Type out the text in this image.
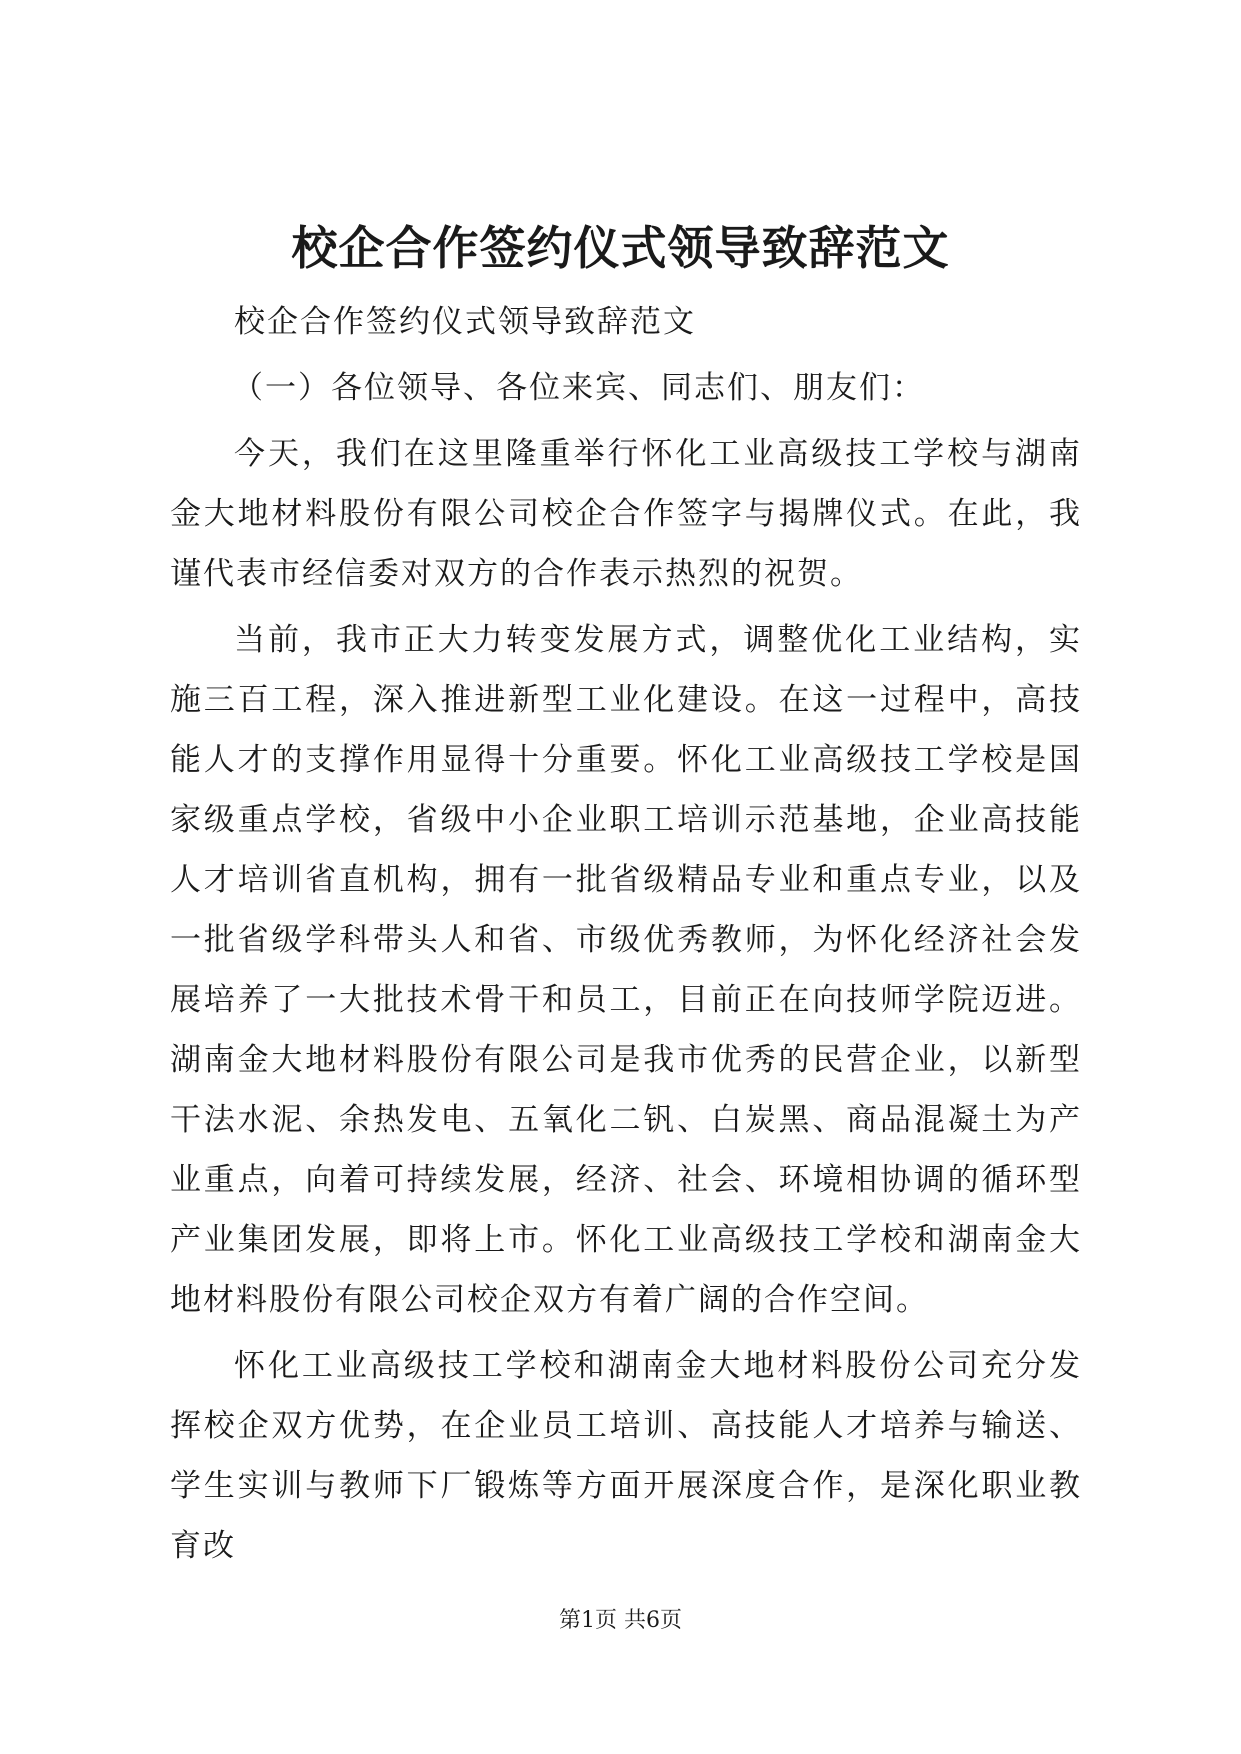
校企合作签约仪式领导致辞范文

校企合作签约仪式领导致辞范文

（一）各位领导、各位来宾、同志们、朋友们：

今天，我们在这里隆重举行怀化工业高级技工学校与湖南金大地材料股份有限公司校企合作签字与揭牌仪式。在此，我谨代表市经信委对双方的合作表示热烈的祝贺。

当前，我市正大力转变发展方式，调整优化工业结构，实施三百工程，深入推进新型工业化建设。在这一过程中，高技能人才的支撑作用显得十分重要。怀化工业高级技工学校是国家级重点学校，省级中小企业职工培训示范基地，企业高技能人才培训省直机构，拥有一批省级精品专业和重点专业，以及一批省级学科带头人和省、市级优秀教师，为怀化经济社会发展培养了一大批技术骨干和员工，目前正在向技师学院迈进。湖南金大地材料股份有限公司是我市优秀的民营企业，以新型干法水泥、余热发电、五氧化二钒、白炭黑、商品混凝土为产业重点，向着可持续发展，经济、社会、环境相协调的循环型产业集团发展，即将上市。怀化工业高级技工学校和湖南金大地材料股份有限公司校企双方有着广阔的合作空间。

怀化工业高级技工学校和湖南金大地材料股份公司充分发挥校企双方优势，在企业员工培训、高技能人才培养与输送、学生实训与教师下厂锻炼等方面开展深度合作，是深化职业教育改

第1页 共6页
